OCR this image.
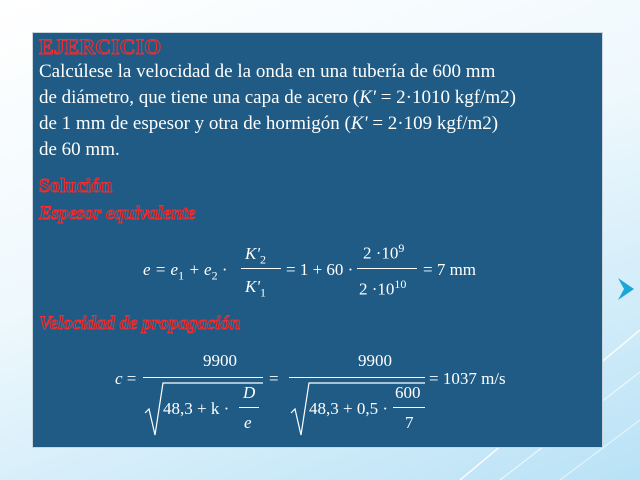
EJERCICIO
Calcúlese la velocidad de la onda en una tubería de 600 mm
de diámetro, que tiene una capa de acero (K' = 2·1010 kgf/m2)
de 1 mm de espesor y otra de hormigón (K' = 2·109 kgf/m2)
de 60 mm.
Solución
Espesor equivalente
$e = e_1 + e_2$ ·
$K'_2$
$K'_1$
= 1 + 60 ·
$2 \cdot 10^9$
$2 \cdot 10^{10}$
= 7 mm
Velocidad de propagación
c =
9900
48,3 + k ·
D
e
=
9900
48,3 + 0,5 ·
600
7
= 1037 m/s
